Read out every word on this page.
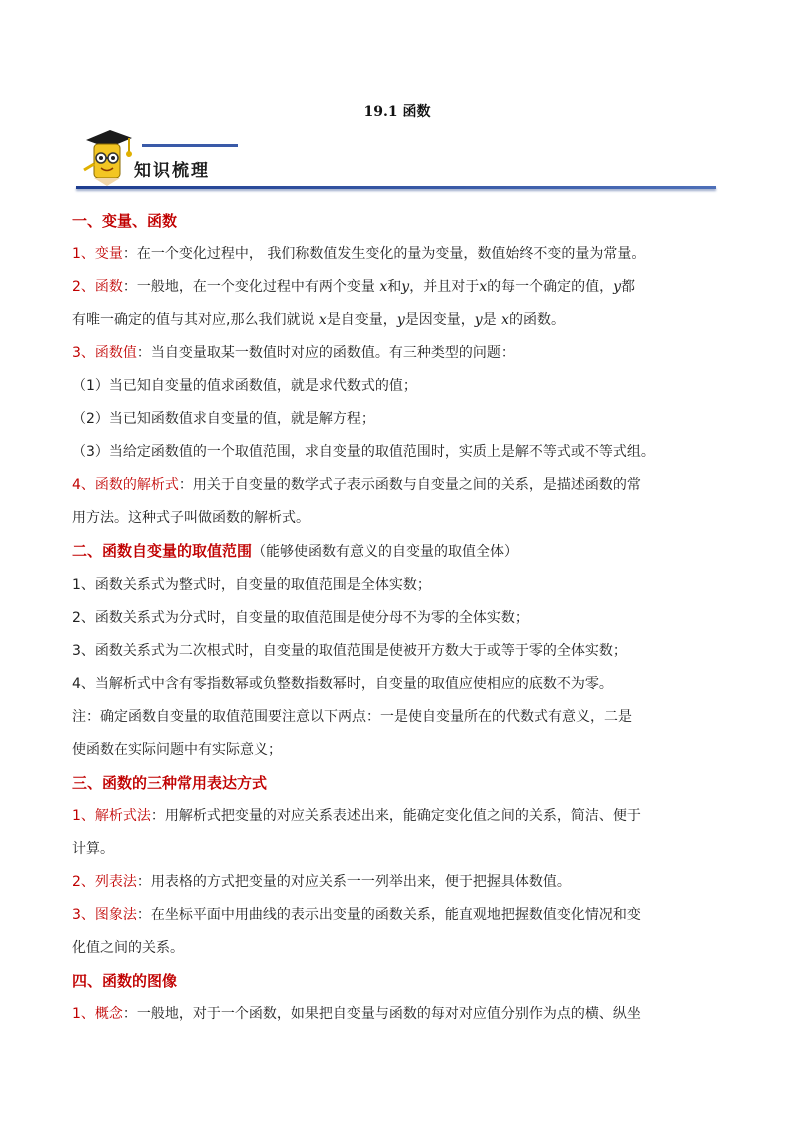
19.1 函数
知识梳理
一、变量、函数
1、变量：在一个变化过程中， 我们称数值发生变化的量为变量，数值始终不变的量为常量。
2、函数：一般地，在一个变化过程中有两个变量 x和y，并且对于x的每一个确定的值，y都
有唯一确定的值与其对应,那么我们就说 x是自变量，y是因变量，y是 x的函数。
3、函数值：当自变量取某一数值时对应的函数值。有三种类型的问题：
（1）当已知自变量的值求函数值，就是求代数式的值；
（2）当已知函数值求自变量的值，就是解方程；
（3）当给定函数值的一个取值范围，求自变量的取值范围时，实质上是解不等式或不等式组。
4、函数的解析式：用关于自变量的数学式子表示函数与自变量之间的关系，是描述函数的常
用方法。这种式子叫做函数的解析式。
二、函数自变量的取值范围（能够使函数有意义的自变量的取值全体）
1、函数关系式为整式时，自变量的取值范围是全体实数；
2、函数关系式为分式时，自变量的取值范围是使分母不为零的全体实数；
3、函数关系式为二次根式时，自变量的取值范围是使被开方数大于或等于零的全体实数；
4、当解析式中含有零指数幂或负整数指数幂时，自变量的取值应使相应的底数不为零。
注：确定函数自变量的取值范围要注意以下两点：一是使自变量所在的代数式有意义，二是
使函数在实际问题中有实际意义；
三、函数的三种常用表达方式
1、解析式法：用解析式把变量的对应关系表述出来，能确定变化值之间的关系，简洁、便于
计算。
2、列表法：用表格的方式把变量的对应关系一一列举出来，便于把握具体数值。
3、图象法：在坐标平面中用曲线的表示出变量的函数关系，能直观地把握数值变化情况和变
化值之间的关系。
四、函数的图像
1、概念：一般地，对于一个函数，如果把自变量与函数的每对对应值分别作为点的横、纵坐
